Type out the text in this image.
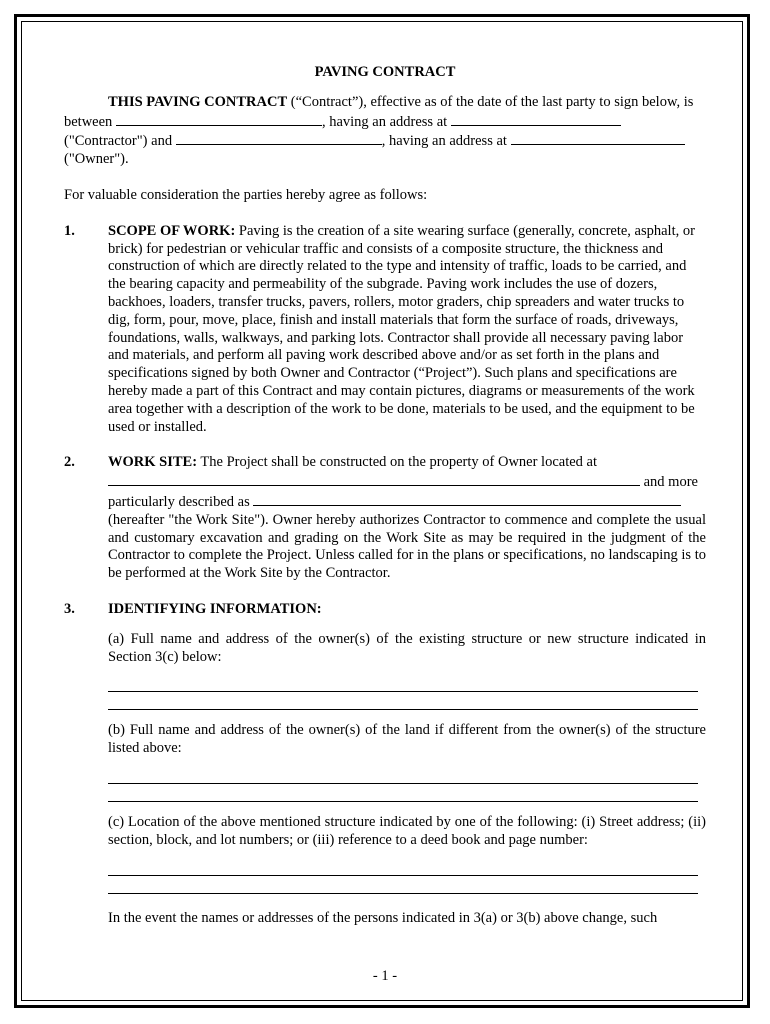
PAVING CONTRACT

THIS PAVING CONTRACT (“Contract”), effective as of the date of the last party to sign below, is between	, having an address at  ("Contractor") and	, having an address at  ("Owner").

For valuable consideration the parties hereby agree as follows:

1.	SCOPE OF WORK: Paving is the creation of a site wearing surface (generally, concrete, asphalt, or brick) for pedestrian or vehicular traffic and consists of a composite structure, the thickness and construction of which are directly related to the type and intensity of traffic, loads to be carried, and the bearing capacity and permeability of the subgrade. Paving work includes the use of dozers, backhoes, loaders, transfer trucks, pavers, rollers, motor graders, chip spreaders and water trucks to dig, form, pour, move, place, finish and install materials that form the surface of roads, driveways, foundations, walls, walkways, and parking lots. Contractor shall provide all necessary paving labor and materials, and perform all paving work described above and/or as set forth in the plans and specifications signed by both Owner and Contractor (“Project”). Such plans and specifications are hereby made a part of this Contract and may contain pictures, diagrams or measurements of the work area together with a description of the work to be done, materials to be used, and the equipment to be used or installed.
2.	WORK SITE: The Project shall be constructed on the property of Owner located at

and more

particularly described as

(hereafter "the Work Site"). Owner hereby authorizes Contractor to commence and complete the usual and customary excavation and grading on the Work Site as may be required in the judgment of the Contractor to complete the Project. Unless called for in the plans or specifications, no landscaping is to be performed at the Work Site by the Contractor.

3.	IDENTIFYING INFORMATION:

(a) Full name and address of the owner(s) of the existing structure or new structure indicated in Section 3(c) below:

(b) Full name and address of the owner(s) of the land if different from the owner(s) of the structure listed above:

(c) Location of the above mentioned structure indicated by one of the following: (i) Street address; (ii) section, block, and lot numbers; or (iii) reference to a deed book and page number:

In the event the names or addresses of the persons indicated in 3(a) or 3(b) above change, such

- 1 -
